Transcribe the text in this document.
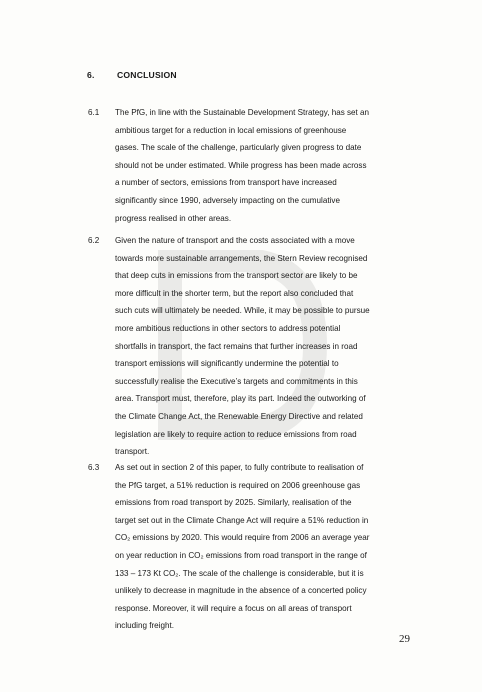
6.	CONCLUSION
6.1 The PfG, in line with the Sustainable Development Strategy, has set an
ambitious target for a reduction in local emissions of greenhouse
gases. The scale of the challenge, particularly given progress to date
should not be under estimated. While progress has been made across
a number of sectors, emissions from transport have increased
significantly since 1990, adversely impacting on the cumulative
progress realised in other areas.
6.2 Given the nature of transport and the costs associated with a move
towards more sustainable arrangements, the Stern Review recognised
that deep cuts in emissions from the transport sector are likely to be
more difficult in the shorter term, but the report also concluded that
such cuts will ultimately be needed. While, it may be possible to pursue
more ambitious reductions in other sectors to address potential
shortfalls in transport, the fact remains that further increases in road
transport emissions will significantly undermine the potential to
successfully realise the Executive’s targets and commitments in this
area. Transport must, therefore, play its part. Indeed the outworking of
the Climate Change Act, the Renewable Energy Directive and related
legislation are likely to require action to reduce emissions from road
transport.
6.3 As set out in section 2 of this paper, to fully contribute to realisation of
the PfG target, a 51% reduction is required on 2006 greenhouse gas
emissions from road transport by 2025. Similarly, realisation of the
target set out in the Climate Change Act will require a 51% reduction in
CO₂ emissions by 2020. This would require from 2006 an average year
on year reduction in CO₂ emissions from road transport in the range of
133 – 173 Kt CO₂. The scale of the challenge is considerable, but it is
unlikely to decrease in magnitude in the absence of a concerted policy
response. Moreover, it will require a focus on all areas of transport
including freight.
29
